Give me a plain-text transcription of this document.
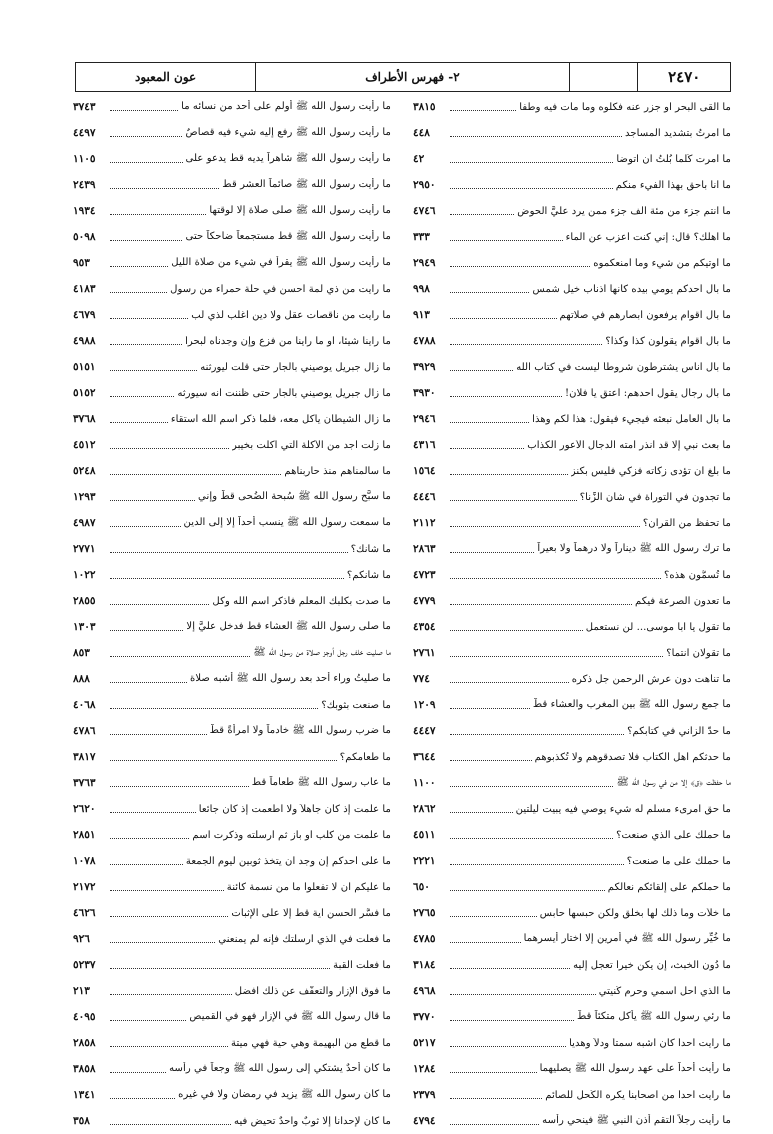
عون المعبود	٢- فهرس الأطراف	٢٤٧٠
ما ألقى البحر أو جزر عنه فكلوه وما مات فيه وطفا
٣٨١٥
ما أُمرتُ بتشديد المساجد
٤٤٨
ما أُمرت كُلَّما بُلْتُ أن أتوضأ
٤٢
ما أنا بأحق بهذا الفيء منكم
٢٩٥٠
ما أنتم جزء من مئة ألف جزء ممن يرد عليَّ الحوض
٤٧٤٦
ما أهلك؟ قال: إني كنت أعزب عن الماء
٣٣٣
ما أوتيكم من شيء وما أمنعكموه
٢٩٤٩
ما بال أحدكم يومي بيده كأنها أذناب خيل شمس
٩٩٨
ما بال أقوام يرفعون أبصارهم في صلاتهم
٩١٣
ما بال أقوام يقولون كذا وكذا؟
٤٧٨٨
ما بال أناس يشترطون شروطاً ليست في كتاب الله
٣٩٢٩
ما بال رجال يقول أحدهم: أعتق يا فلان!
٣٩٣٠
ما بال العامل نبعثه فيجيء فيقول: هذا لكم وهذا
٢٩٤٦
ما بعث نبي إلا قد أنذر أمته الدجال الأعور الكذاب
٤٣١٦
ما بلغ أن تؤدى زكاته فزكي فليس بكنز
١٥٦٤
ما تجدون في التوراة في شأن الزِّنا؟
٤٤٤٦
ما تحفظ من القرآن؟
٢١١٢
ما ترك رسول الله ﷺ ديناراً ولا درهماً ولا بعيراً
٢٨٦٣
ما تُسمُّون هذه؟
٤٧٢٣
ما تعدون الصرعة فيكم
٤٧٧٩
ما تقول يا أبا موسى... لن نستعمل
٤٣٥٤
ما تقولان أنتما؟
٢٧٦١
ما تناهت دون عرش الرحمن جل ذكره
٧٧٤
ما جمع رسول الله ﷺ بين المغرب والعشاء قطُّ
١٢٠٩
ما حدُّ الزاني في كتابكم؟
٤٤٤٧
ما حدثكم أهل الكتاب فلا تصدقوهم ولا تُكذبوهم
٣٦٤٤
ما حفظت ﴿ق﴾ إلا من في رسول الله ﷺ
١١٠٠
ما حق امرىء مسلم له شيء يوصي فيه يبيت ليلتين
٢٨٦٢
ما حملك على الذي صنعت؟
٤٥١١
ما حملك على ما صنعت؟
٢٢٢١
ما حملكم على إلقائكم نعالكم
٦٥٠
ما خلأت وما ذلك لها بخلق ولكن حبسها حابس
٢٧٦٥
ما خُيِّر رسول الله ﷺ في أمرين إلا اختار أيسرهما
٤٧٨٥
ما دُون الخبث، إن يكن خيراً تعجل إليه
٣١٨٤
ما الذي أحل اسمي وحرم كُنيتي
٤٩٦٨
ما رئي رسول الله ﷺ يأكل متكئاً قطُّ
٣٧٧٠
ما رأيت أحداً كان أشبه سمتاً ودلاً وهدياً
٥٢١٧
ما رأيت أحداً على عهد رسول الله ﷺ يصليهما
١٢٨٤
ما رأيت أحداً من أصحابنا يكره الكُحل للصائم
٢٣٧٩
ما رأيت رجلاً التقم أذن النبي ﷺ فينحي رأسه
٤٧٩٤
ما رأيت رسول الله ﷺ أولم على أحد من نسائه ما
٣٧٤٣
ما رأيت رسول الله ﷺ رفع إليه شيء فيه قصاصٌ
٤٤٩٧
ما رأيت رسول الله ﷺ شاهراً يديه قط يدعو على
١١٠٥
ما رأيت رسول الله ﷺ صائماً العشر قط
٢٤٣٩
ما رأيت رسول الله ﷺ صلى صلاة إلا لوقتها
١٩٣٤
ما رأيت رسول الله ﷺ قط مستجمعاً ضاحكاً حتى
٥٠٩٨
ما رأيت رسول الله ﷺ يقرأ في شيء من صلاة الليل
٩٥٣
ما رأيت من ذي لمة أحسن في حلة حمراء من رسول
٤١٨٣
ما رأيت من ناقصات عقل ولا دين أغلب لذي لُب
٤٦٧٩
ما رأينا شيئاً، أو ما رأينا من فزع وإن وجدناه لبحراً
٤٩٨٨
ما زال جبريل يوصيني بالجار حتى قلت ليورثنه
٥١٥١
ما زال جبريل يوصيني بالجار حتى ظننت أنه سيورثه
٥١٥٢
ما زال الشيطان يأكل معه، فلما ذكر اسم الله استقاء
٣٧٦٨
ما زلت أجد من الأكلة التي أكلت بخيبر
٤٥١٢
ما سالمناهم منذ حاربناهم
٥٢٤٨
ما سبَّح رسول الله ﷺ سُبحة الضُحى قطُّ وإني
١٢٩٣
ما سمعت رسول الله ﷺ ينسب أحداً إلا إلى الدين
٤٩٨٧
ما شأنك؟
٢٧٧١
ما شأنكم؟
١٠٢٢
ما صدت بكلبك المعلم فاذكر اسم الله وكل
٢٨٥٥
ما صلى رسول الله ﷺ العشاء قط فدخل عليَّ إلا
١٣٠٣
ما صليت خلف رجل أوجز صلاة من رسول الله ﷺ
٨٥٣
ما صليتُ وراء أحد بعد رسول الله ﷺ أشبه صلاة
٨٨٨
ما صنعت بثوبك؟
٤٠٦٨
ما ضرب رسول الله ﷺ خادماً ولا امرأةً قطُّ
٤٧٨٦
ما طعامكم؟
٣٨١٧
ما عاب رسول الله ﷺ طعاماً قط
٣٧٦٣
ما علمت إذ كان جاهلاً ولا أطعمت إذ كان جائعاً
٢٦٢٠
ما علمت من كلب أو باز ثم أرسلته وذكرت اسم
٢٨٥١
ما على أحدكم إن وجد أن يتخذ ثوبين ليوم الجمعة
١٠٧٨
ما عليكم أن لا تفعلوا ما من نسمة كائنة
٢١٧٢
ما فسَّر الحسن آية قطُّ إلا على الإثبات
٤٦٢٦
ما فعلت في الذي أرسلتك فإنه لم يمنعني
٩٢٦
ما فعلت القبة
٥٢٣٧
ما فوق الإزار والتعفُّف عن ذلك أفضل
٢١٣
ما قال رسول الله ﷺ في الإزار فهو في القميص
٤٠٩٥
ما قطع من البهيمة وهي حية فهي ميتة
٢٨٥٨
ما كان أحدٌ يشتكي إلى رسول الله ﷺ وجعاً في رأسه
٣٨٥٨
ما كان رسول الله ﷺ يزيد في رمضان ولا في غيره
١٣٤١
ما كان لإحدانا إلا ثوبٌ واحدٌ تحيض فيه
٣٥٨
